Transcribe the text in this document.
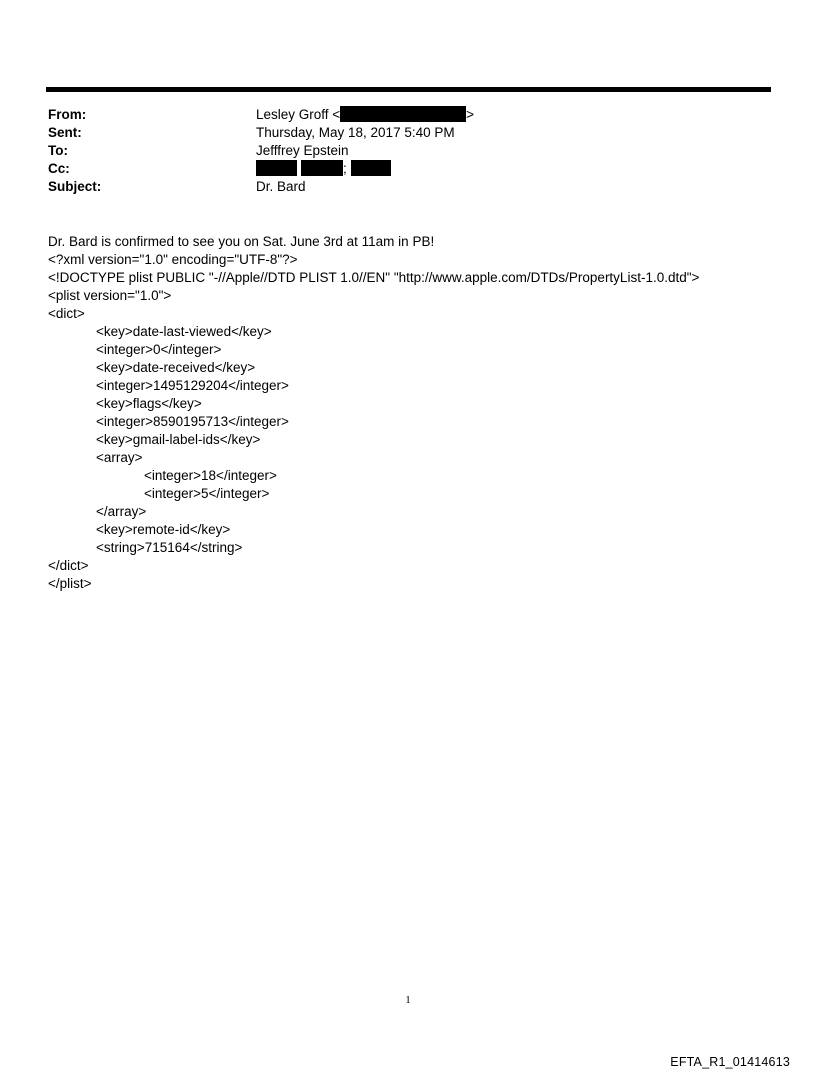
From:	Lesley Groff <	>
Sent:	Thursday, May 18, 2017 5:40 PM
To:	Jefffrey Epstein
Cc:	;
Subject:	Dr. Bard
Dr. Bard is confirmed to see you on Sat. June 3rd at 11am in PB!
<?xml version="1.0" encoding="UTF-8"?>
<!DOCTYPE plist PUBLIC "-//Apple//DTD PLIST 1.0//EN" "http://www.apple.com/DTDs/PropertyList-1.0.dtd">
<plist version="1.0">
<dict>
<key>date-last-viewed</key>
<integer>0</integer>
<key>date-received</key>
<integer>1495129204</integer>
<key>flags</key>
<integer>8590195713</integer>
<key>gmail-label-ids</key>
<array>
<integer>18</integer>
<integer>5</integer>
</array>
<key>remote-id</key>
<string>715164</string>
</dict>
</plist>
1
EFTA_R1_01414613
